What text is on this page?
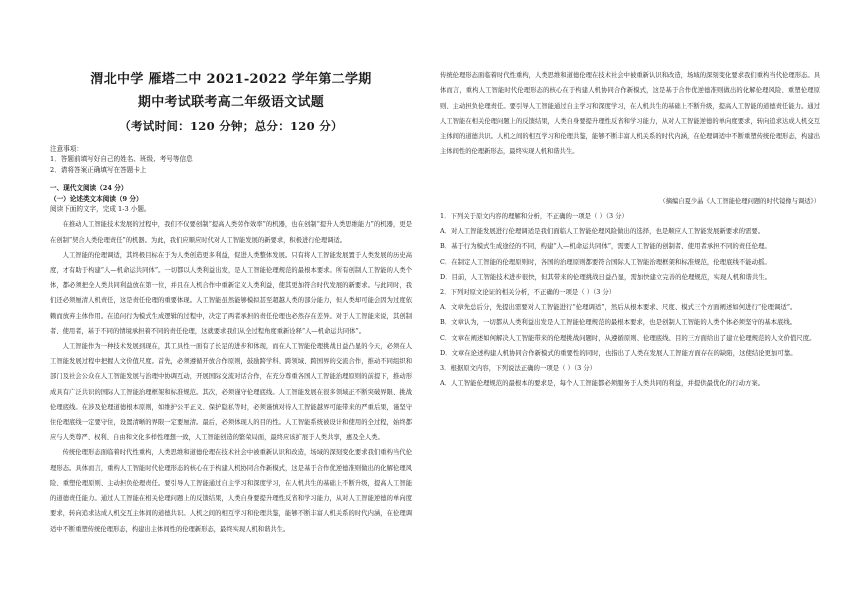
渭北中学 雁塔二中 2021-2022 学年第二学期

期中考试联考高二年级语文试题

（考试时间：120 分钟；总分：120 分）

注意事项：

1．答题前填写好自己的姓名、班级、考号等信息

2．请将答案正确填写在答题卡上

一、现代文阅读（24 分）

（一）论述类文本阅读（9 分）

阅读下面的文字，完成 1-3 小题。

在推动人工智能技术发展的过程中，我们不仅要创制“提高人类劳作效率”的机器，也在创制“提升人类思维能力”的机器，更是在创制“契合人类伦理责任”的机器。为此，我们应顺应时代对人工智能发展的新要求，积极进行伦理调适。

人工智能的伦理调适，其终极目标在于为人类创造更多利益，促进人类整体发展。只有将人工智能发展置于人类发展的历史高度，才有助于构建“人—机命运共同体”。一切都以人类利益出发，是人工智能伦理规范的最根本要求。所有创制人工智能的人类个体，都必须把全人类共同利益放在第一位，并且在人机合作中重新定义人类利益，使其更加符合时代发展的新要求。与此同时，我们还必须厘清人机责任，这是责任伦理的重要体现。人工智能虽然能够模拟甚至超越人类的部分能力，但人类却可能会因为过度依赖而放弃主体作用。在追问行为模式生成逻辑的过程中，决定了两者承担的责任伦理也必然存在差异。对于人工智能来说，其创制者、使用者，基于不同的情境承担着不同的责任伦理，这就要求我们从全过程角度重新诠释“人—机命运共同体”。

人工智能作为一种技术发展到现在，其工具性一面有了长足的进步和体现，而在人工智能伦理挑战日益凸显的今天，必须在人工智能发展过程中把握人文价值尺度。首先，必须遵循开放合作原则，鼓励跨学科、跨领域、跨国界的交流合作，推动不同组织和部门及社会公众在人工智能发展与治理中协调互动，开展国际交流对话合作，在充分尊重各国人工智能治理原则的前提下，推动形成具有广泛共识的国际人工智能治理框架和标准规范。其次，必须谨守伦理底线。人工智能发展在很多领域正不断突破界限、挑战伦理底线。在涉及伦理道德根本原则，如维护公平正义、保护隐私等时，必须谨慎对待人工智能越界可能带来的严重后果，谨坚守住伦理底线一定要守住，设置清晰的界限一定要厘清。最后，必须体现人的目的性。人工智能系统被设计和使用的全过程，始终都应与人类尊严、权利、自由和文化多样性理想一致，人工智能创造的繁荣局面，最终应该扩展于人类共享，惠及全人类。

传统伦理形态面临着时代性重构，人类思维和道德伦理在技术社会中被重新认识和改造，场域的深刻变化要求我们重构当代伦理形态。具体而言，重构人工智能时代伦理形态的核心在于构建人机协同合作新模式，这是基于合作优逆德准则做出的化解伦理风险、重塑伦理原则、主动担负伦理责任。要引导人工智能通过自主学习和深度学习，在人机共生的基础上不断升级，提高人工智能的道德责任能力。通过人工智能在相关伦理问题上的反馈结果，人类自身要提升理性反省和学习能力，从对人工智能逆德的单向度要求，转向追求达成人机交互主体间的道德共识。人机之间的相互学习和伦理共鉴，能够不断丰富人机关系的时代内涵，在伦理调适中不断重塑传统伦理形态，构建出主体间性的伦理新形态，最终实现人机和谐共生。

传统伦理形态面临着时代性重构，人类思维和道德伦理在技术社会中被重新认识和改造，场域的深刻变化要求我们重构当代伦理形态。具体而言，重构人工智能时代伦理形态的核心在于构建人机协同合作新模式，这是基于合作优逆德准则做出的化解伦理风险、重塑伦理原则、主动担负伦理责任。要引导人工智能通过自主学习和深度学习，在人机共生的基础上不断升级，提高人工智能的道德责任能力。通过人工智能在相关伦理问题上的反馈结果，人类自身要提升理性反省和学习能力，从对人工智能逆德的单向度要求，转向追求达成人机交互主体间的道德共识。人机之间的相互学习和伦理共鉴，能够不断丰富人机关系的时代内涵，在伦理调适中不断重塑传统伦理形态，构建出主体间性的伦理新形态，最终实现人机和谐共生。

（摘编自夏少晶《人工智能伦理问题的时代镜像与调适》）

1．下列关于原文内容的理解和分析，不正确的一项是（ ）（3 分）

A．对人工智能发展进行伦理调适是我们面临人工智能伦理风险做出的选择，也是顺应人工智能发展新要求的需要。

B．基于行为模式生成途径的不同，构建“人—机命运共同体”，需要人工智能的创制者、使用者承担不同的责任伦理。

C．在制定人工智能的伦理原则时，各国的治理原则都要符合国际人工智能治理框架和标准规范，伦理底线不能动摇。

D．目前，人工智能技术进步很快，但其带来的伦理挑战日益凸显，需加快建立完善的伦理规范，实现人机和谐共生。

2．下列对原文论证的相关分析，不正确的一项是（ ）（3 分）

A．文章先总后分，先提出需要对人工智能进行“伦理调适”，然后从根本要求、尺度、模式三个方面阐述如何进行“伦理调适”。

B．文章认为，一切都从人类利益出发是人工智能伦理规范的最根本要求，也是创制人工智能的人类个体必须坚守的基本底线。

C．文章在阐述如何解决人工智能带来的伦理挑战问题时，从遵循原则、伦理底线、目的三方面给出了建立伦理规范的人文价值尺度。

D．文章在论述构建人机协同合作新模式的重要性的同时，也指出了人类在发展人工智能方面存在的缺陷，这使结论更加可靠。

3．根据原文内容，下列说法正确的一项是（ ）（3 分）

A．人工智能伦理规范的最根本的要求是，每个人工智能都必须服务于人类共同的利益，并提供最优化的行动方案。
